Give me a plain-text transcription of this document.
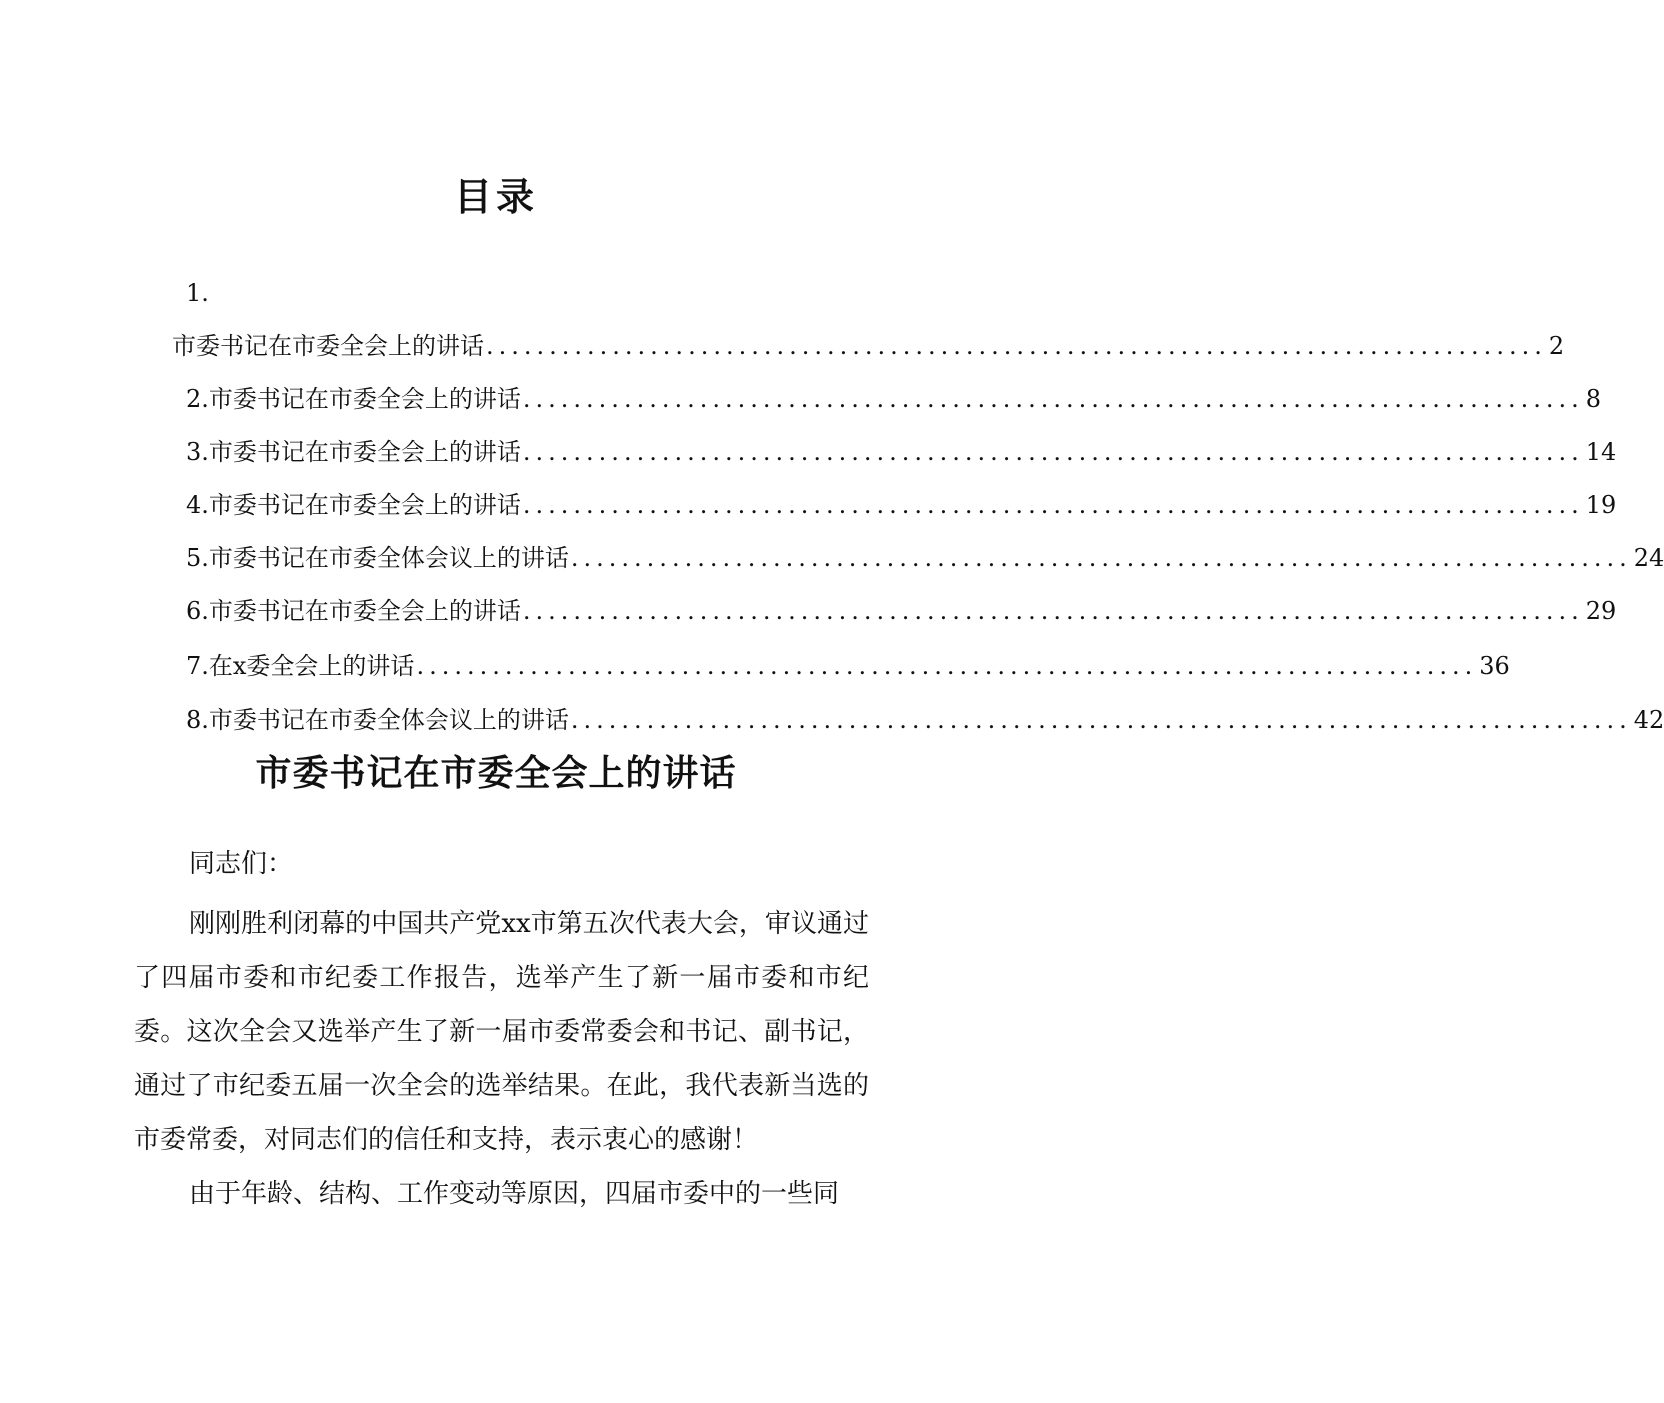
目录
1.
市委书记在市委全会上的讲话 .................................................................................... 2
2.市委书记在市委全会上的讲话 .................................................................................... 8
3.市委书记在市委全会上的讲话 .................................................................................... 14
4.市委书记在市委全会上的讲话 .................................................................................... 19
5.市委书记在市委全体会议上的讲话 .................................................................................... 24
6.市委书记在市委全会上的讲话 .................................................................................... 29
7.在x委全会上的讲话 .................................................................................... 36
8.市委书记在市委全体会议上的讲话 .................................................................................... 42
市委书记在市委全会上的讲话
同志们：

刚刚胜利闭幕的中国共产党xx市第五次代表大会，审议通过了四届市委和市纪委工作报告，选举产生了新一届市委和市纪委。这次全会又选举产生了新一届市委常委会和书记、副书记，通过了市纪委五届一次全会的选举结果。在此，我代表新当选的市委常委，对同志们的信任和支持，表示衷心的感谢！

由于年龄、结构、工作变动等原因，四届市委中的一些同
